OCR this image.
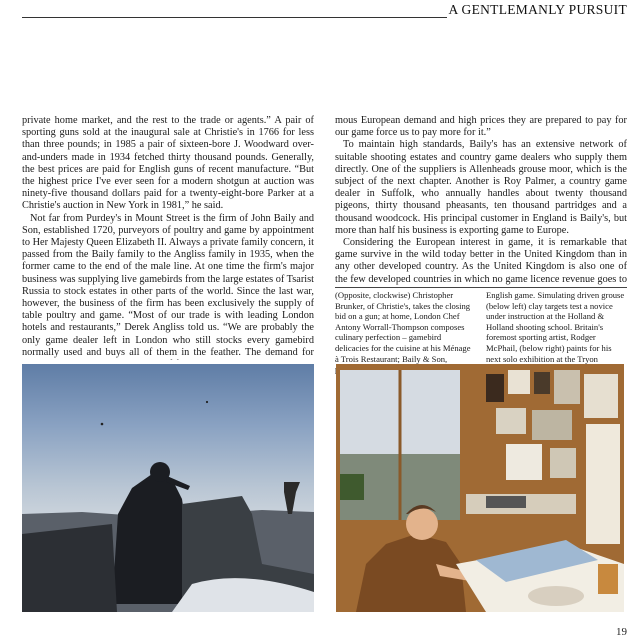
A GENTLEMANLY PURSUIT

private home market, and the rest to the trade or agents.” A pair of sporting guns sold at the inaugural sale at Christie's in 1766 for less than three pounds; in 1985 a pair of sixteen-bore J. Woodward over-and-unders made in 1934 fetched thirty thousand pounds. Generally, the best prices are paid for English guns of recent manufacture. “But the highest price I've ever seen for a modern shotgun at auction was ninety-five thousand dollars paid for a twenty-eight-bore Parker at a Christie's auction in New York in 1981,” he said.

Not far from Purdey's in Mount Street is the firm of John Baily and Son, established 1720, purveyors of poultry and game by appointment to Her Majesty Queen Elizabeth II. Always a private family concern, it passed from the Baily family to the Angliss family in 1935, when the former came to the end of the male line. At one time the firm's major business was supplying live gamebirds from the large estates of Tsarist Russia to stock estates in other parts of the world. Since the last war, however, the business of the firm has been exclusively the supply of table poultry and game. “Most of our trade is with leading London hotels and restaurants,” Derek Angliss told us. “We are probably the only game dealer left in London who still stocks every gamebird normally used and buys all of them in the feather. The demand for

mous European demand and high prices they are prepared to pay for our game force us to pay more for it.”

To maintain high standards, Baily's has an extensive network of suitable shooting estates and country game dealers who supply them directly. One of the suppliers is Allenheads grouse moor, which is the subject of the next chapter. Another is Roy Palmer, a country game dealer in Suffolk, who annually handles about twenty thousand pigeons, thirty thousand pheasants, ten thousand partridges and a thousand woodcock. His principal customer in England is Baily's, but more than half his business is exporting game to Europe.

Considering the European interest in game, it is remarkable that game survive in the wild today better in the United Kingdom than in any other developed country. As the United Kingdom is also one of the few developed countries in which no game licence revenue goes to

(Opposite, clockwise) Christopher Brunker, of Christie's, takes the closing bid on a gun; at home, London Chef Antony Worrall-Thompson composes culinary perfection – gamebird delicacies for the cuisine at his Ménage à Trois Restaurant; Baily & Son,
English game. Simulating driven grouse (below left) clay targets test a novice under instruction at the Holland & Holland shooting school. Britain's foremost sporting artist, Rodger McPhail, (below right) paints for his next solo exhibition at the Tryon
19
